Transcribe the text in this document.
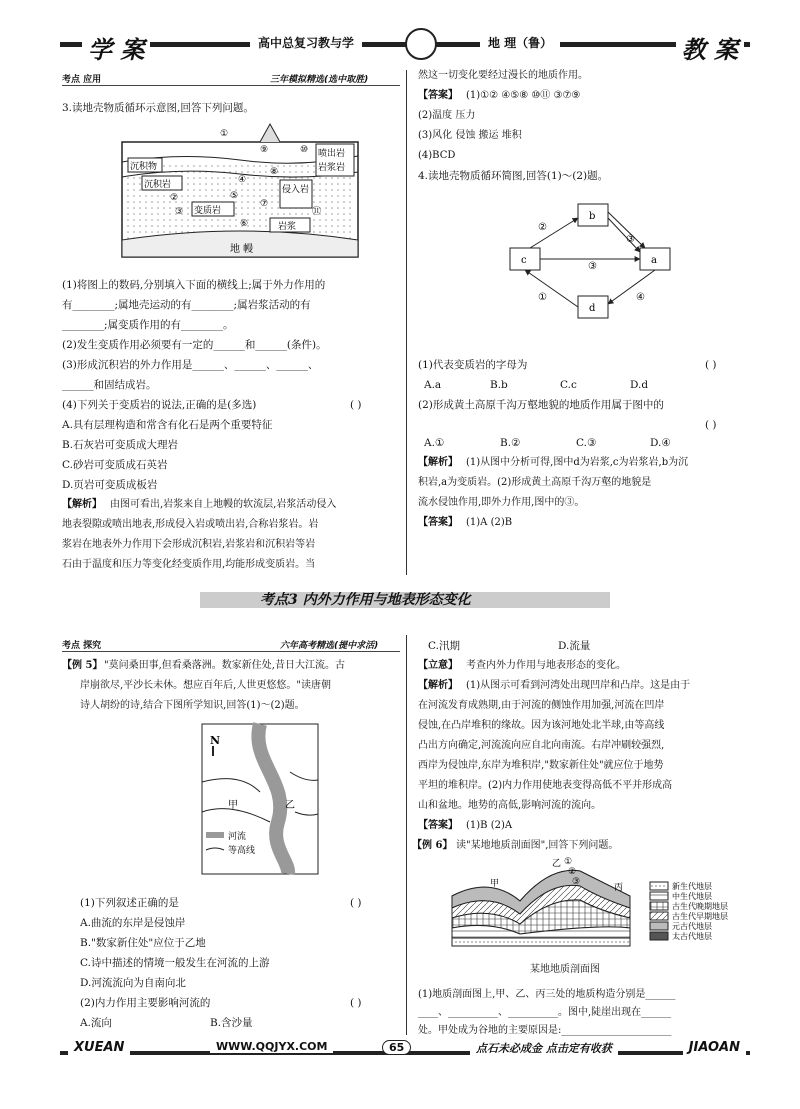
学 案	高中总复习教与学	地 理（鲁）	教 案
考点 应用	三年模拟精选(选中取胜)
3.读地壳物质循环示意图,回答下列问题。
沉积物
沉积岩
变质岩
侵入岩
岩浆
喷出岩
岩浆岩
地 幔
①
②
③
④
⑤
⑥
⑦
⑧
⑨	⑩
⑪
(1)将图上的数码,分别填入下面的横线上;属于外力作用的
有________;属地壳运动的有________;属岩浆活动的有
________;属变质作用的有________。
(2)发生变质作用必须要有一定的______和______(条件)。
(3)形成沉积岩的外力作用是______、______、______、
______和固结成岩。
(4)下列关于变质岩的说法,正确的是(多选)	( )
A.具有层理构造和常含有化石是两个重要特征
B.石灰岩可变质成大理岩
C.砂岩可变质成石英岩
D.页岩可变质成板岩
【解析】 由图可看出,岩浆来自上地幔的软流层,岩浆活动侵入
地表裂隙或喷出地表,形成侵入岩或喷出岩,合称岩浆岩。岩
浆岩在地表外力作用下会形成沉积岩,岩浆岩和沉积岩等岩
石由于温度和压力等变化经变质作用,均能形成变质岩。当
然这一切变化要经过漫长的地质作用。
【答案】 (1)①② ④⑤⑧ ⑩⑪ ③⑦⑨
(2)温度 压力
(3)风化 侵蚀 搬运 堆积
(4)BCD
4.读地壳物质循环简图,回答(1)～(2)题。
b
c	a
d
②
③
③
①	④
(1)代表变质岩的字母为	( )
A.a	B.b	C.c	D.d
(2)形成黄土高原千沟万壑地貌的地质作用属于图中的
( )
A.①	B.②	C.③	D.④
【解析】 (1)从图中分析可得,图中d为岩浆,c为岩浆岩,b为沉
积岩,a为变质岩。(2)形成黄土高原千沟万壑的地貌是
流水侵蚀作用,即外力作用,图中的③。
【答案】 (1)A (2)B
考点3 内外力作用与地表形态变化
考点 探究	六年高考精选(提中求活)
【例 5】 "莫问桑田事,但看桑落洲。数家新住处,昔日大江流。古
岸崩欲尽,平沙长未休。想应百年后,人世更悠悠。"读唐朝
诗人胡纷的诗,结合下图所学知识,回答(1)～(2)题。
N
甲	乙
河流
等高线
(1)下列叙述正确的是	( )
A.曲流的东岸是侵蚀岸
B."数家新住处"应位于乙地
C.诗中描述的情境一般发生在河流的上游
D.河流流向为自南向北
(2)内力作用主要影响河流的	( )
A.流向	B.含沙量
C.汛期	D.流量
【立意】 考查内外力作用与地表形态的变化。
【解析】 (1)从图示可看到河湾处出现凹岸和凸岸。这是由于
在河流发育成熟期,由于河流的侧蚀作用加强,河流在凹岸
侵蚀,在凸岸堆积的缘故。因为该河地处北半球,由等高线
凸出方向确定,河流流向应自北向南流。右岸冲刷较强烈,
西岸为侵蚀岸,东岸为堆积岸,"数家新住处"就应位于地势
平坦的堆积岸。(2)内力作用使地表变得高低不平并形成高
山和盆地。地势的高低,影响河流的流向。
【答案】 (1)B (2)A
【例 6】 读"某地地质剖面图",回答下列问题。
乙 ①
②
③
甲	丙	新生代地层
中生代地层
古生代晚期地层
古生代早期地层
元古代地层
太古代地层
某地地质剖面图
(1)地质剖面图上,甲、乙、丙三处的地质构造分别是______
____、__________、__________。图中,陡崖出现在______
处。甲处成为谷地的主要原因是:______________________
XUEAN	WWW.QQJYX.COM	65	点石未必成金 点击定有收获	JIAOAN
